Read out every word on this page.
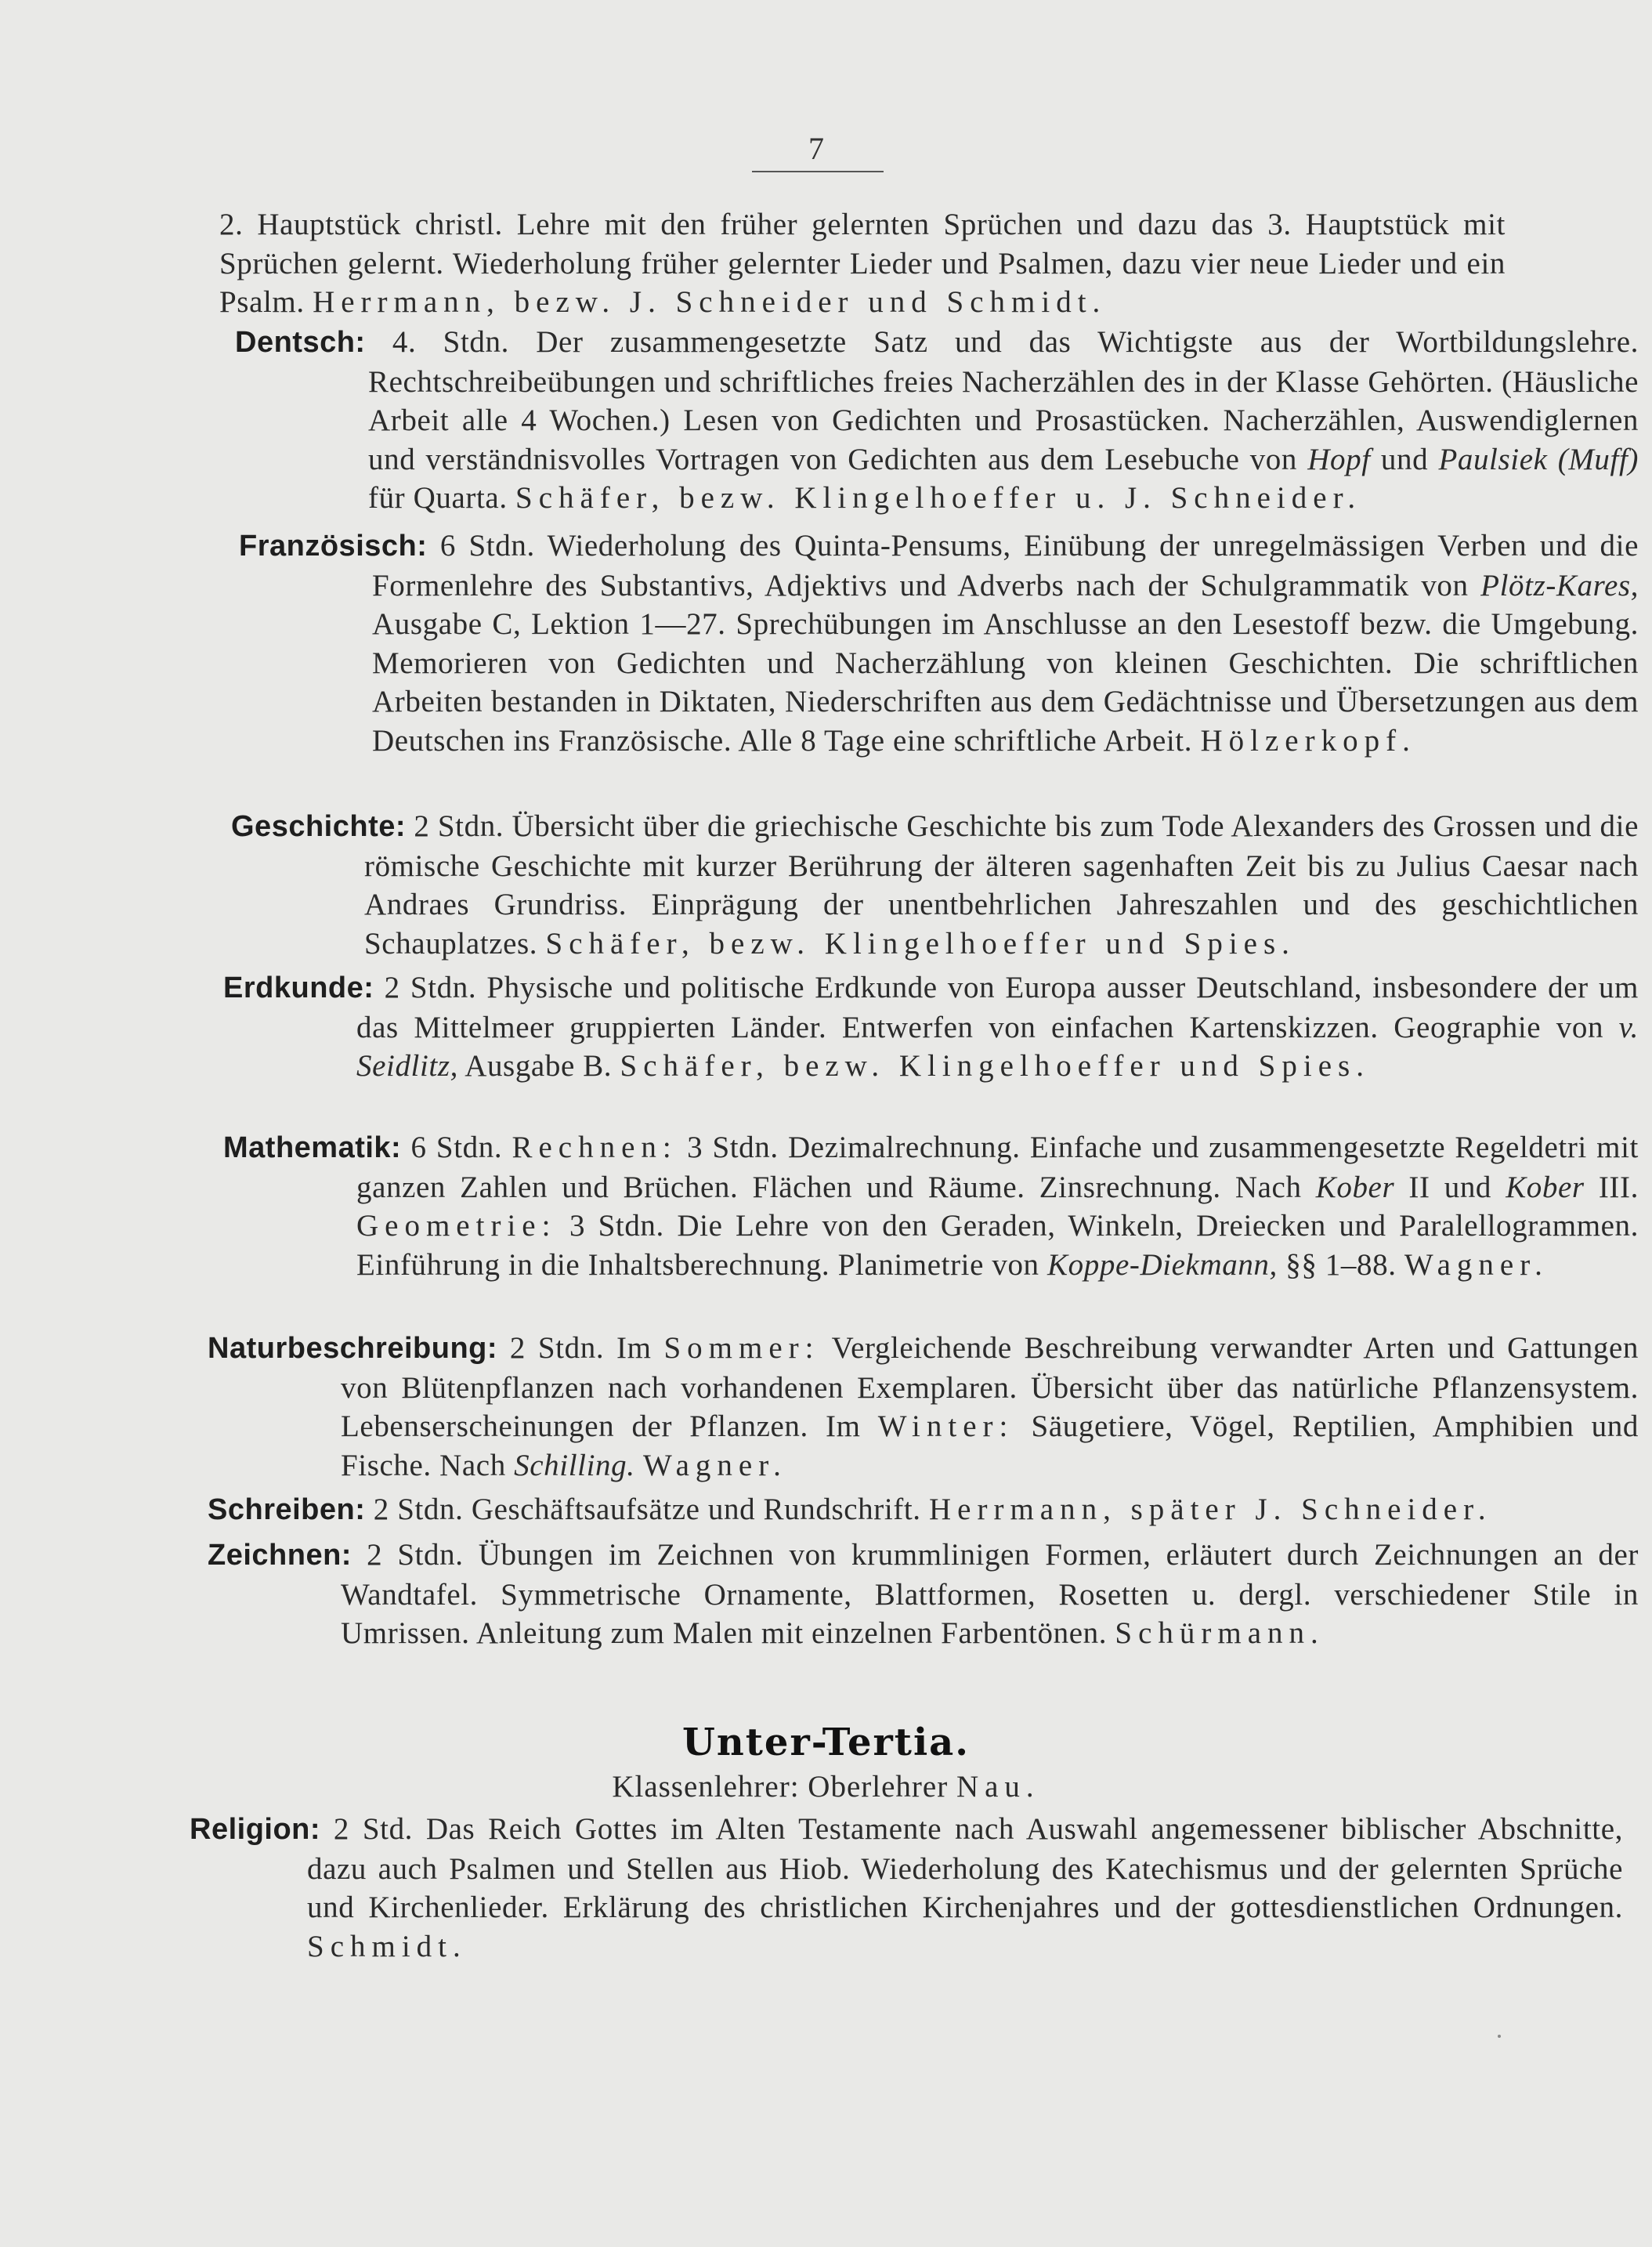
7

2. Hauptstück christl. Lehre mit den früher gelernten Sprüchen und dazu das 3. Hauptstück mit Sprüchen gelernt. Wiederholung früher gelernter Lieder und Psalmen, dazu vier neue Lieder und ein Psalm. Herrmann, bezw. J. Schneider und Schmidt.

Dentsch: 4. Stdn. Der zusammengesetzte Satz und das Wichtigste aus der Wortbildungslehre. Rechtschreibeübungen und schriftliches freies Nacherzählen des in der Klasse Gehörten. (Häusliche Arbeit alle 4 Wochen.) Lesen von Gedichten und Prosastücken. Nacherzählen, Auswendiglernen und verständnisvolles Vortragen von Gedichten aus dem Lesebuche von Hopf und Paulsiek (Muff) für Quarta. Schäfer, bezw. Klingelhoeffer u. J. Schneider.

Französisch: 6 Stdn. Wiederholung des Quinta-Pensums, Einübung der unregelmässigen Verben und die Formenlehre des Substantivs, Adjektivs und Adverbs nach der Schulgrammatik von Plötz-Kares, Ausgabe C, Lektion 1—27. Sprechübungen im Anschlusse an den Lesestoff bezw. die Umgebung. Memorieren von Gedichten und Nacherzählung von kleinen Geschichten. Die schriftlichen Arbeiten bestanden in Diktaten, Niederschriften aus dem Gedächtnisse und Übersetzungen aus dem Deutschen ins Französische. Alle 8 Tage eine schriftliche Arbeit. Hölzerkopf.

Geschichte: 2 Stdn. Übersicht über die griechische Geschichte bis zum Tode Alexanders des Grossen und die römische Geschichte mit kurzer Berührung der älteren sagenhaften Zeit bis zu Julius Caesar nach Andraes Grundriss. Einprägung der unentbehrlichen Jahreszahlen und des geschichtlichen Schauplatzes. Schäfer, bezw. Klingelhoeffer und Spies.

Erdkunde: 2 Stdn. Physische und politische Erdkunde von Europa ausser Deutschland, insbesondere der um das Mittelmeer gruppierten Länder. Entwerfen von einfachen Kartenskizzen. Geographie von v. Seidlitz, Ausgabe B. Schäfer, bezw. Klingelhoeffer und Spies.

Mathematik: 6 Stdn. Rechnen: 3 Stdn. Dezimalrechnung. Einfache und zusammengesetzte Regeldetri mit ganzen Zahlen und Brüchen. Flächen und Räume. Zinsrechnung. Nach Kober II und Kober III. Geometrie: 3 Stdn. Die Lehre von den Geraden, Winkeln, Dreiecken und Paralellogrammen. Einführung in die Inhaltsberechnung. Planimetrie von Koppe-Diekmann, §§ 1–88. Wagner.

Naturbeschreibung: 2 Stdn. Im Sommer: Vergleichende Beschreibung verwandter Arten und Gattungen von Blütenpflanzen nach vorhandenen Exemplaren. Übersicht über das natürliche Pflanzensystem. Lebenserscheinungen der Pflanzen. Im Winter: Säugetiere, Vögel, Reptilien, Amphibien und Fische. Nach Schilling. Wagner.

Schreiben: 2 Stdn. Geschäftsaufsätze und Rundschrift. Herrmann, später J. Schneider.

Zeichnen: 2 Stdn. Übungen im Zeichnen von krummlinigen Formen, erläutert durch Zeichnungen an der Wandtafel. Symmetrische Ornamente, Blattformen, Rosetten u. dergl. verschiedener Stile in Umrissen. Anleitung zum Malen mit einzelnen Farbentönen. Schürmann.

Unter-Tertia.
Klassenlehrer: Oberlehrer Nau.

Religion: 2 Std. Das Reich Gottes im Alten Testamente nach Auswahl angemessener biblischer Abschnitte, dazu auch Psalmen und Stellen aus Hiob. Wiederholung des Katechismus und der gelernten Sprüche und Kirchenlieder. Erklärung des christlichen Kirchenjahres und der gottesdienstlichen Ordnungen. Schmidt.
